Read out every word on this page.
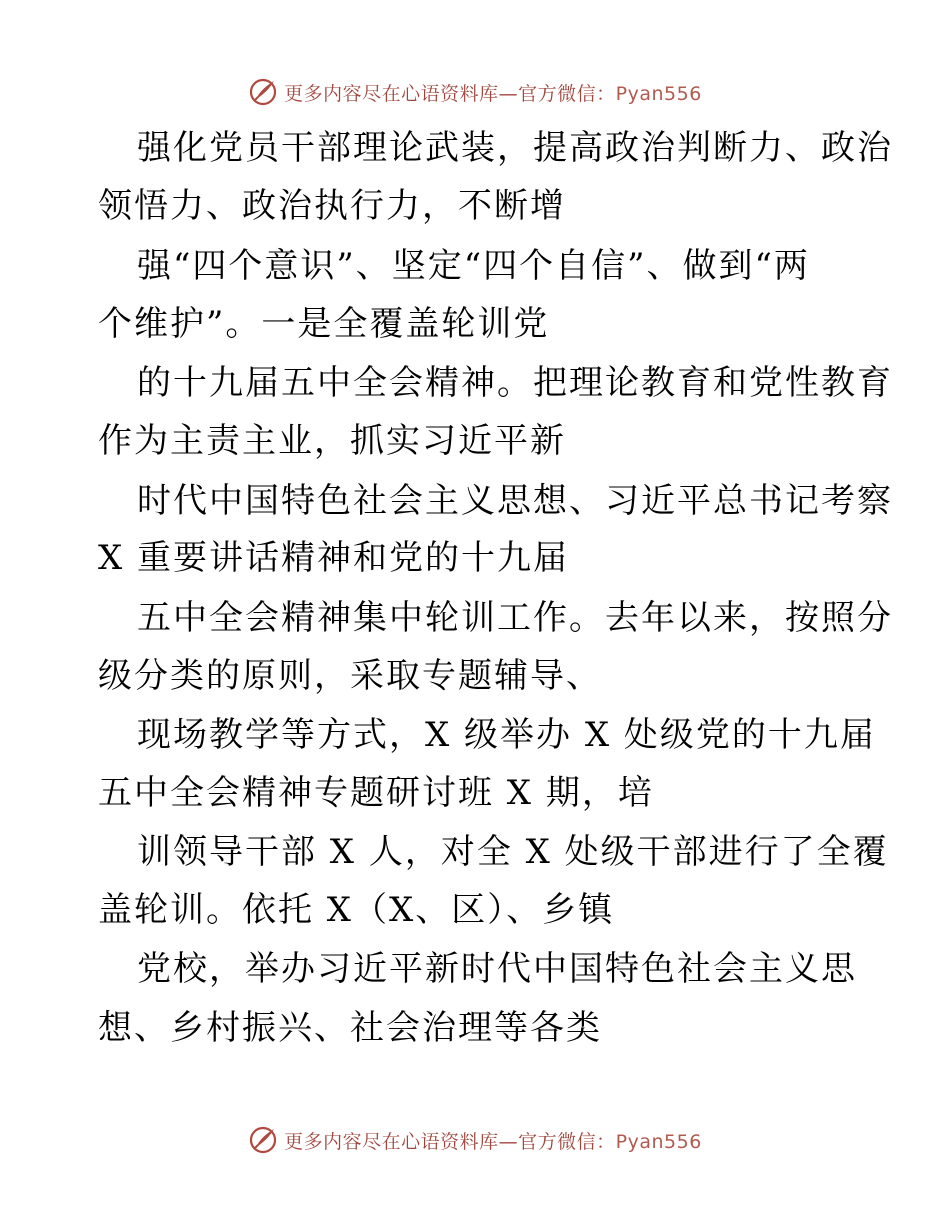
更多内容尽在心语资料库—官方微信：Pyan556
强化党员干部理论武装，提高政治判断力、政治
领悟力、政治执行力，不断增
强“四个意识”、坚定“四个自信”、做到“两
个维护”。一是全覆盖轮训党
的十九届五中全会精神。把理论教育和党性教育
作为主责主业，抓实习近平新
时代中国特色社会主义思想、习近平总书记考察
X 重要讲话精神和党的十九届
五中全会精神集中轮训工作。去年以来，按照分
级分类的原则，采取专题辅导、
现场教学等方式，X 级举办 X 处级党的十九届
五中全会精神专题研讨班 X 期，培
训领导干部 X 人，对全 X 处级干部进行了全覆
盖轮训。依托 X（X、区）、乡镇
党校，举办习近平新时代中国特色社会主义思
想、乡村振兴、社会治理等各类
更多内容尽在心语资料库—官方微信：Pyan556
